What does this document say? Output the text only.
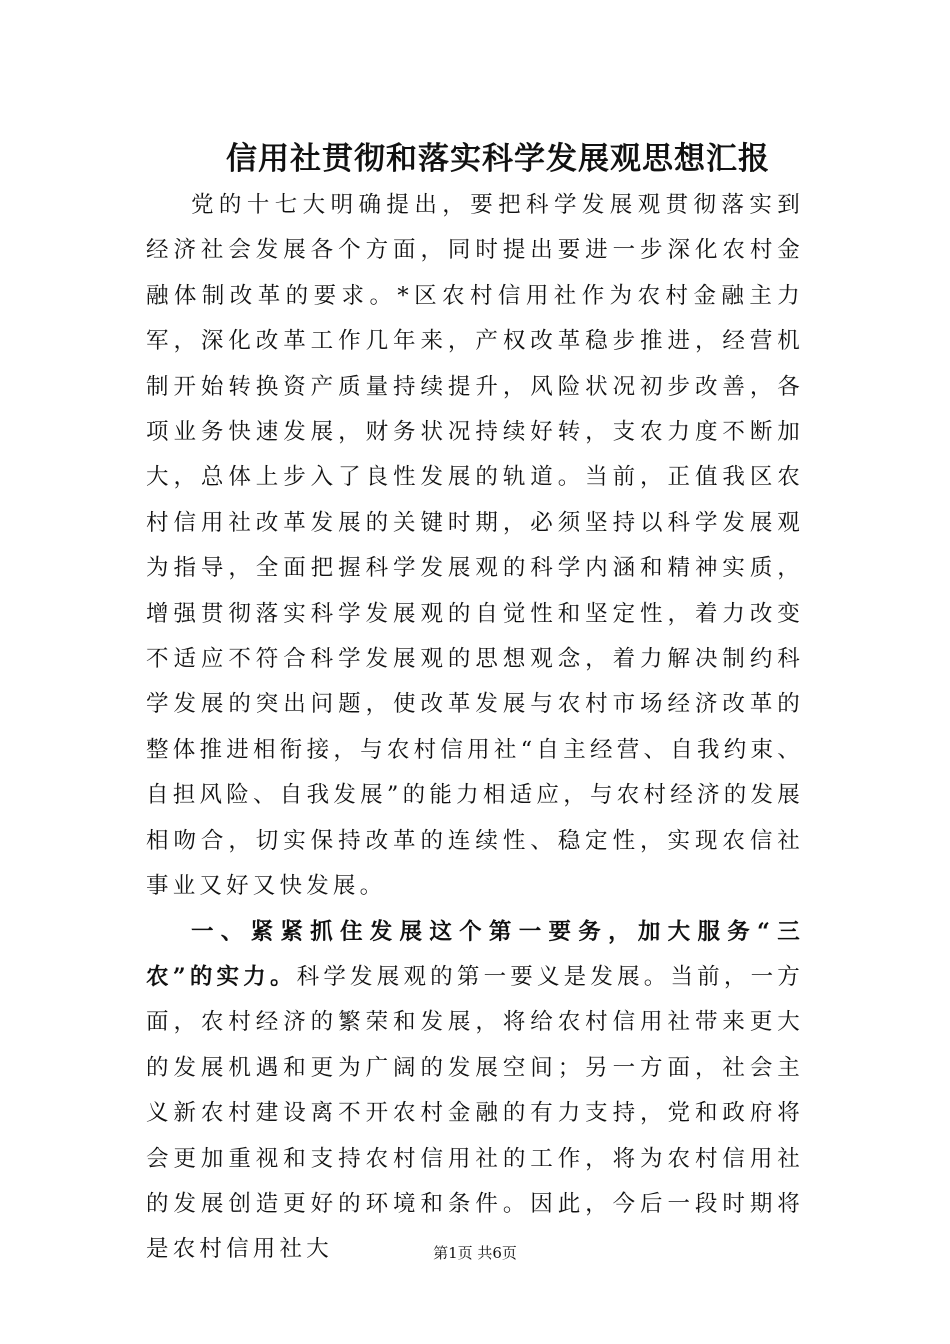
信用社贯彻和落实科学发展观思想汇报

党的十七大明确提出，要把科学发展观贯彻落实到经济社会发展各个方面，同时提出要进一步深化农村金融体制改革的要求。*区农村信用社作为农村金融主力军，深化改革工作几年来，产权改革稳步推进，经营机制开始转换资产质量持续提升，风险状况初步改善，各项业务快速发展，财务状况持续好转，支农力度不断加大，总体上步入了良性发展的轨道。当前，正值我区农村信用社改革发展的关键时期，必须坚持以科学发展观为指导，全面把握科学发展观的科学内涵和精神实质，增强贯彻落实科学发展观的自觉性和坚定性，着力改变不适应不符合科学发展观的思想观念，着力解决制约科学发展的突出问题，使改革发展与农村市场经济改革的整体推进相衔接，与农村信用社“自主经营、自我约束、自担风险、自我发展”的能力相适应，与农村经济的发展相吻合，切实保持改革的连续性、稳定性，实现农信社事业又好又快发展。

一、紧紧抓住发展这个第一要务，加大服务“三农”的实力。科学发展观的第一要义是发展。当前，一方面，农村经济的繁荣和发展，将给农村信用社带来更大的发展机遇和更为广阔的发展空间；另一方面，社会主义新农村建设离不开农村金融的有力支持，党和政府将会更加重视和支持农村信用社的工作，将为农村信用社的发展创造更好的环境和条件。因此，今后一段时期将是农村信用社大	第1页 共6页
